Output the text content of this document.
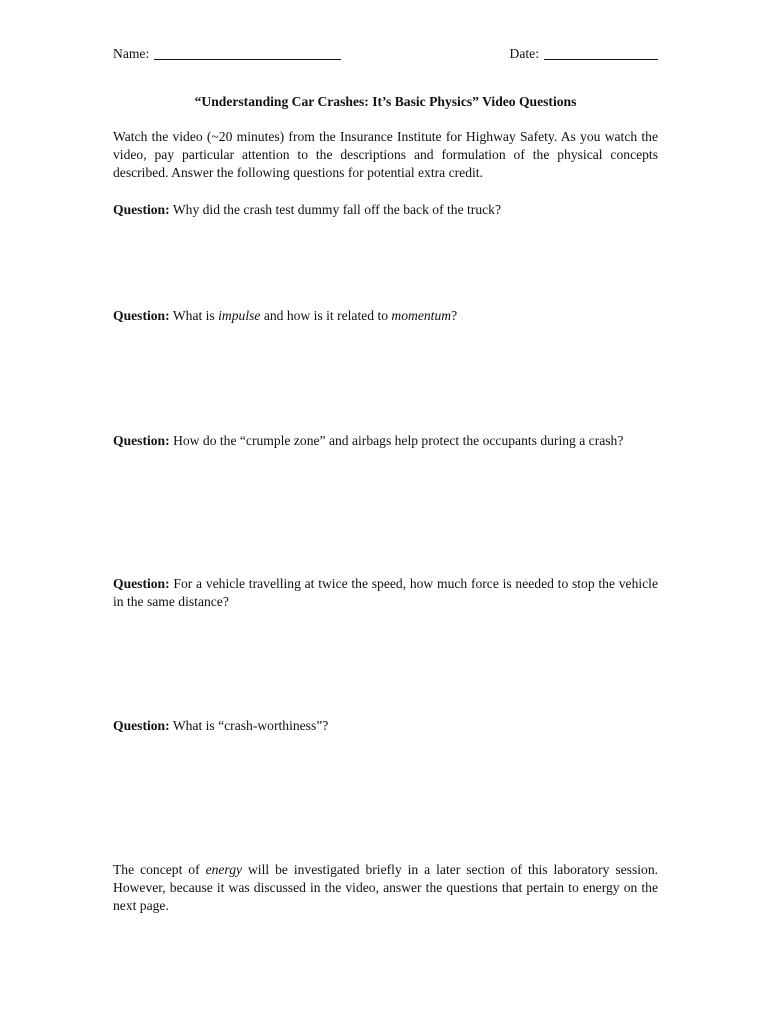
Name:	Date:
“Understanding Car Crashes: It’s Basic Physics” Video Questions
Watch the video (~20 minutes) from the Insurance Institute for Highway Safety. As you watch the video, pay particular attention to the descriptions and formulation of the physical concepts described. Answer the following questions for potential extra credit.
Question: Why did the crash test dummy fall off the back of the truck?
Question: What is impulse and how is it related to momentum?
Question: How do the “crumple zone” and airbags help protect the occupants during a crash?
Question: For a vehicle travelling at twice the speed, how much force is needed to stop the vehicle in the same distance?
Question: What is “crash-worthiness”?
The concept of energy will be investigated briefly in a later section of this laboratory session. However, because it was discussed in the video, answer the questions that pertain to energy on the next page.
